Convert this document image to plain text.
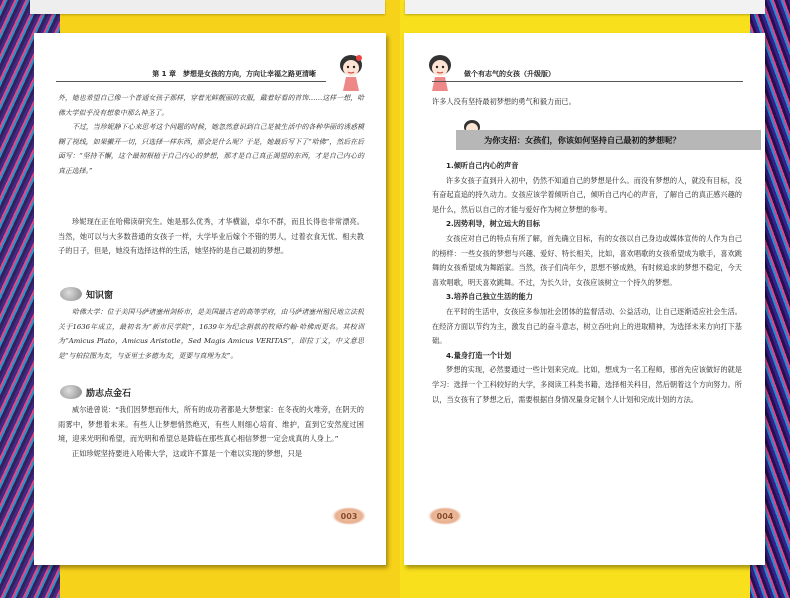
第 1 章　梦想是女孩的方向，方向让幸福之路更清晰

外，她也希望自己像一个普通女孩子那样，穿着光鲜靓丽的衣服，戴着好看的首饰……这样一想，哈佛大学似乎没有想象中那么神圣了。

不过，当珍妮静下心来思考这个问题的时候，她忽然意识到自己是被生活中的各种华丽的诱惑模糊了视线，如果撇开一切，只选择一样东西，那会是什么呢？于是，她最后写下了“哈佛”，然后在后面写：“坚持不懈，这个最初根植于自己内心的梦想，那才是自己真正渴望的东西，才是自己内心的真正选择。”

珍妮现在正在哈佛读研究生。她是那么优秀，才华横溢，卓尔不群，而且长得也非常漂亮。当然，她可以与大多数普通的女孩子一样，大学毕业后嫁个不错的男人，过着衣食无忧、相夫教子的日子，但是，她没有选择这样的生活，她坚持的是自己最初的梦想。

知识窗

哈佛大学：位于美国马萨诸塞州剑桥市，是美国最古老的高等学府，由马萨诸塞州殖民地立法机关于1636年成立，最初名为“新市民学院”，1639年为纪念捐款的牧师约翰·哈佛而更名。其校训为“Amicus Plato，Amicus Aristotle，Sed Magis Amicus VERITAS”，即拉丁文，中文意思是“与柏拉图为友，与亚里士多德为友，更要与真理为友”。

励志点金石

威尔逊曾说：“我们因梦想而伟大，所有的成功者都是大梦想家：在冬夜的火堆旁，在阴天的雨雾中，梦想着未来。有些人让梦想悄然绝灭，有些人则细心培育、维护，直到它安然度过困境，迎来光明和希望，而光明和希望总是降临在那些真心相信梦想一定会成真的人身上。”

正如珍妮坚持要进入哈佛大学，这或许不算是一个难以实现的梦想，只是

003
做个有志气的女孩（升级版）

许多人没有坚持最初梦想的勇气和毅力而已。

为你支招：女孩们，你该如何坚持自己最初的梦想呢？

1.倾听自己内心的声音

许多女孩子直到升入初中，仍然不知道自己的梦想是什么。而没有梦想的人，就没有目标，没有奋起直追的持久动力。女孩应该学着倾听自己，倾听自己内心的声音，了解自己的真正感兴趣的是什么，然后以自己的才能与爱好作为树立梦想的参考。

2.因势利导，树立远大的目标

女孩应对自己的特点有所了解，首先确立目标，有的女孩以自己身边或媒体宣传的人作为自己的榜样：一些女孩的梦想与兴趣、爱好、特长相关，比如，喜欢唱歌的女孩希望成为歌手，喜欢跳舞的女孩希望成为舞蹈家。当然，孩子们尚年少，思想不够成熟，有时候追求的梦想不稳定，今天喜欢唱歌，明天喜欢跳舞。不过，为长久计，女孩应该树立一个持久的梦想。

3.培养自己独立生活的能力

在平时的生活中，女孩应多参加社会团体的监督活动、公益活动，让自己逐渐适应社会生活。在经济方面以节约为主，激发自己的奋斗意志，树立吞吐向上的进取精神，为选择未来方向打下基础。

4.量身打造一个计划

梦想的实现，必然要通过一些计划来完成。比如，想成为一名工程师，那首先应该做好的就是学习：选择一个工科较好的大学，多阅读工科类书籍，选择相关科目，然后朝着这个方向努力。所以，当女孩有了梦想之后，需要根据自身情况量身定制个人计划和完成计划的方法。

004
